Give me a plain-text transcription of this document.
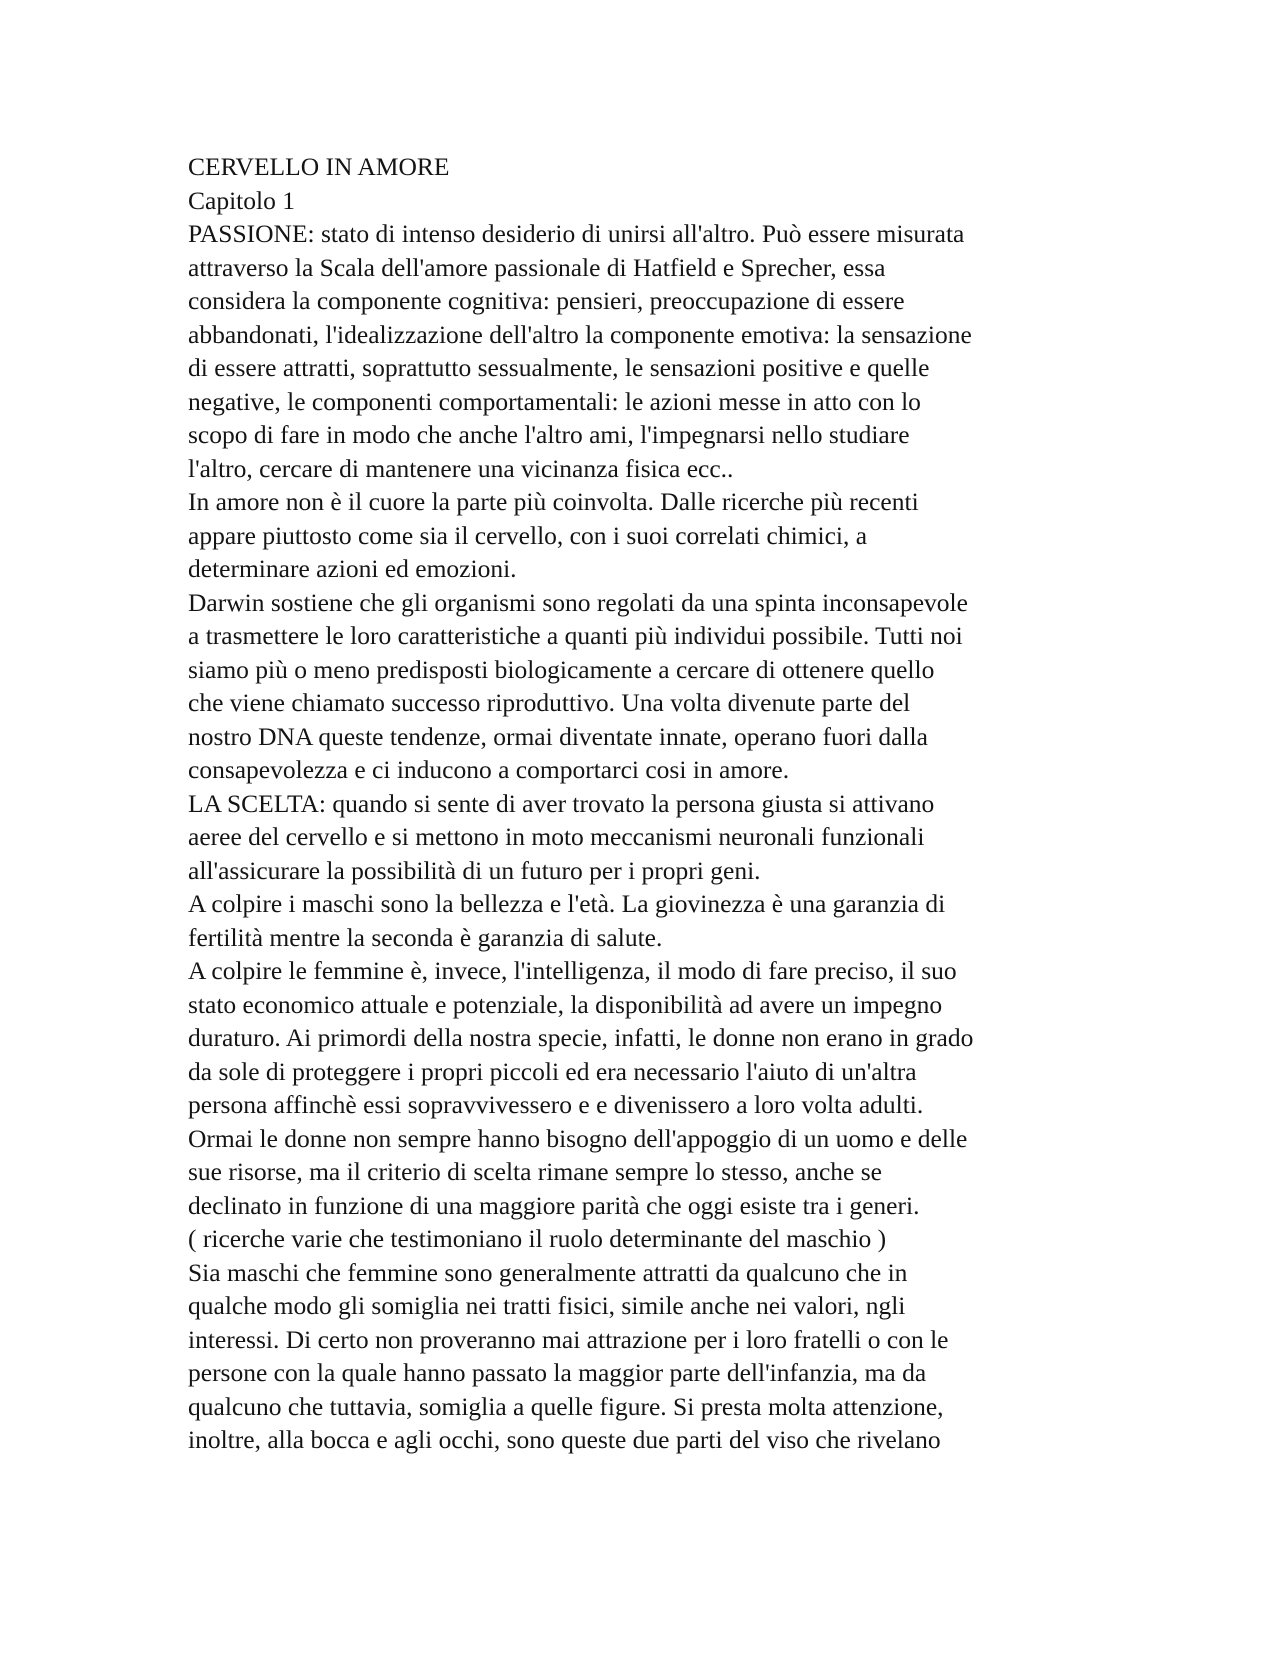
CERVELLO IN AMORE

Capitolo 1

PASSIONE: stato di intenso desiderio di unirsi all'altro. Può essere misurata

attraverso la Scala dell'amore passionale di Hatfield e Sprecher, essa

considera la componente cognitiva: pensieri, preoccupazione di essere

abbandonati, l'idealizzazione dell'altro la componente emotiva: la sensazione

di essere attratti, soprattutto sessualmente, le sensazioni positive e quelle

negative, le componenti comportamentali: le azioni messe in atto con lo

scopo di fare in modo che anche l'altro ami, l'impegnarsi nello studiare

l'altro, cercare di mantenere una vicinanza fisica ecc..

In amore non è il cuore la parte più coinvolta. Dalle ricerche più recenti

appare piuttosto come sia il cervello, con i suoi correlati chimici, a

determinare azioni ed emozioni.

Darwin sostiene che gli organismi sono regolati da una spinta inconsapevole

a trasmettere le loro caratteristiche a quanti più individui possibile. Tutti noi

siamo più o meno predisposti biologicamente a cercare di ottenere quello

che viene chiamato successo riproduttivo. Una volta divenute parte del

nostro DNA queste tendenze, ormai diventate innate, operano fuori dalla

consapevolezza e ci inducono a comportarci cosi in amore.

LA SCELTA: quando si sente di aver trovato la persona giusta si attivano

aeree del cervello e si mettono in moto meccanismi neuronali funzionali

all'assicurare la possibilità di un futuro per i propri geni.

A colpire i maschi sono la bellezza e l'età. La giovinezza è una garanzia di

fertilità mentre la seconda è garanzia di salute.

A colpire le femmine è, invece, l'intelligenza, il modo di fare preciso, il suo

stato economico attuale e potenziale, la disponibilità ad avere un impegno

duraturo. Ai primordi della nostra specie, infatti, le donne non erano in grado

da sole di proteggere i propri piccoli ed era necessario l'aiuto di un'altra

persona affinchè essi sopravvivessero e e divenissero a loro volta adulti.

Ormai le donne non sempre hanno bisogno dell'appoggio di un uomo e delle

sue risorse, ma il criterio di scelta rimane sempre lo stesso, anche se

declinato in funzione di una maggiore parità che oggi esiste tra i generi.

( ricerche varie che testimoniano il ruolo determinante del maschio )

Sia maschi che femmine sono generalmente attratti da qualcuno che in

qualche modo gli somiglia nei tratti fisici, simile anche nei valori, ngli

interessi. Di certo non proveranno mai attrazione per i loro fratelli o con le

persone con la quale hanno passato la maggior parte dell'infanzia, ma da

qualcuno che tuttavia, somiglia a quelle figure. Si presta molta attenzione,

inoltre, alla bocca e agli occhi, sono queste due parti del viso che rivelano
